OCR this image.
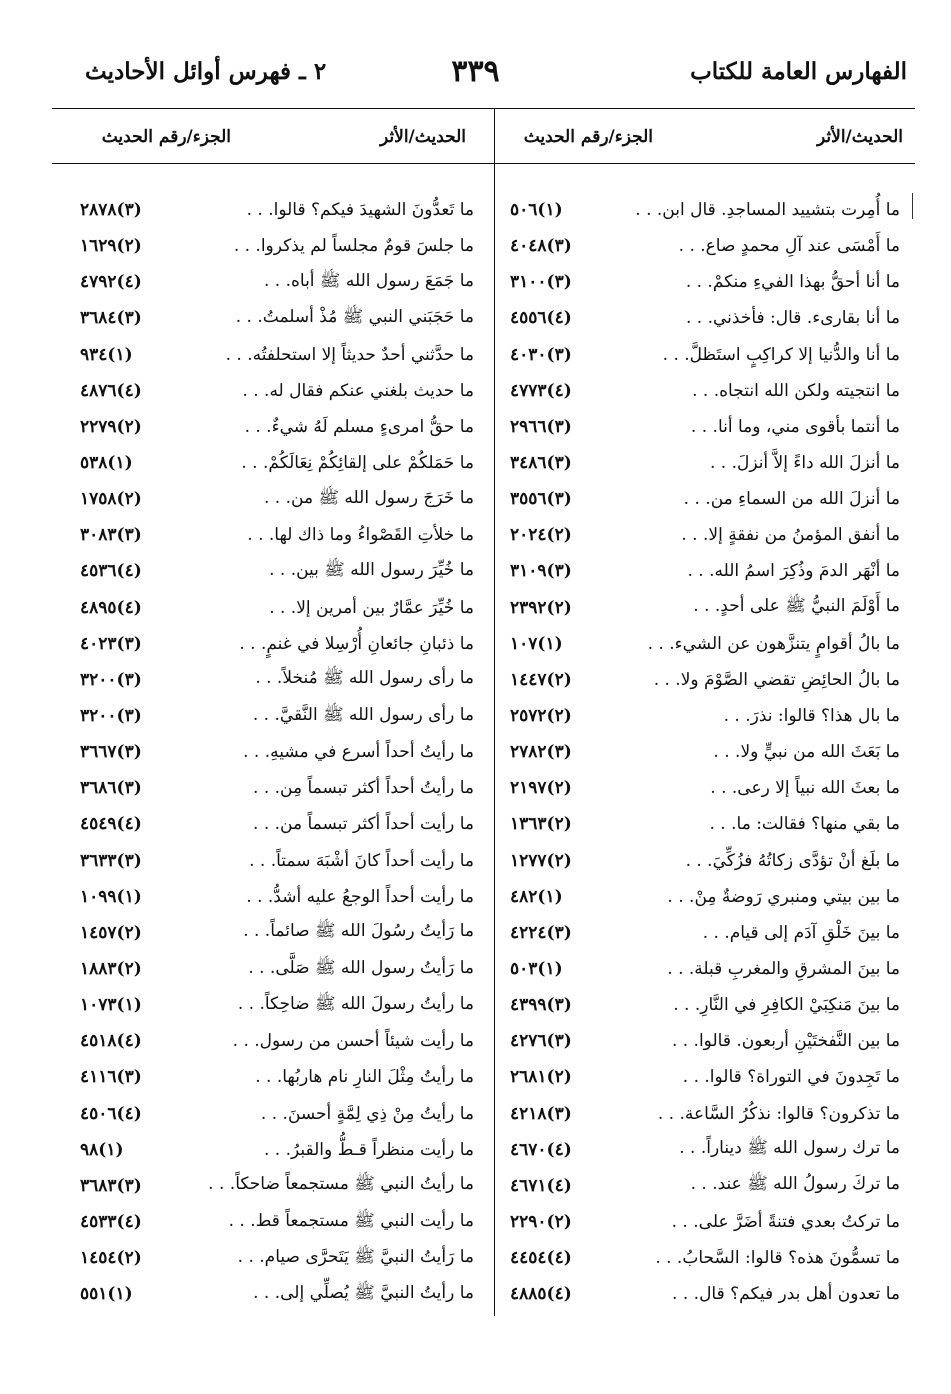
الفهارس العامة للكتاب
٣٣٩
٢ ـ فهرس أوائل الأحاديث
الحديث/الأثر
الجزء/رقم الحديث
الحديث/الأثر
الجزء/رقم الحديث
ما أُمِرت بتشييد المساجدِ. قال ابن. . .
(١)٥٠٦
ما أَمْسَى عند آلِ محمدٍ صاع. . .
(٣)٤٠٤٨
ما أنا أحقُّ بهذا الفيءِ منكمْ. . .
(٣)٣١٠٠
ما أنا بقارىء. قال: فأخذني. . .
(٤)٤٥٥٦
ما أنا والدُّنيا إلا كراكِبٍ استَظلَّ. . .
(٣)٤٠٣٠
ما انتجيته ولكن الله انتجاه. . .
(٤)٤٧٧٣
ما أنتما بأقوى مني، وما أنا. . .
(٣)٢٩٦٦
ما أنزلَ الله داءً إلاَّ أنزلَ. . .
(٣)٣٤٨٦
ما أنزلَ الله من السماءِ من. . .
(٣)٣٥٥٦
ما أنفق المؤمنُ من نفقةٍ إلا. . .
(٢)٢٠٢٤
ما أنْهَر الدمَ وذُكِرَ اسمُ الله. . .
(٣)٣١٠٩
ما أَوْلَمَ النبيُّ ﷺ على أحدٍ. . .
(٢)٢٣٩٢
ما بالُ أقوامٍ يتنزَّهون عن الشيء. . .
(١)١٠٧
ما بالُ الحائِضِ تقضي الصَّوْمَ ولا. . .
(٢)١٤٤٧
ما بال هذا؟ قالوا: نذرَ. . .
(٢)٢٥٧٢
ما بَعَثَ الله من نبيٍّ ولا. . .
(٣)٢٧٨٢
ما بعثَ الله نبياً إلا رعى. . .
(٢)٢١٩٧
ما بقي منها؟ فقالت: ما. . .
(٢)١٣٦٣
ما بلَغ أنْ تؤدَّى زكاتُهُ فزُكِّيَ. . .
(٢)١٢٧٧
ما بين بيتي ومنبري رَوضةٌ مِنْ. . .
(١)٤٨٢
ما بينَ خَلْقِ آدَم إلى قيام. . .
(٣)٤٢٢٤
ما بينَ المشرقِ والمغربِ قبلة. . .
(١)٥٠٣
ما بينَ مَنكِبَيْ الكافِرِ في النَّارِ. . .
(٣)٤٣٩٩
ما بين النَّفختَيْنِ أربعون. قالوا. . .
(٣)٤٢٧٦
ما تَجِدونَ في التوراة؟ قالوا. . .
(٢)٢٦٨١
ما تذكرون؟ قالوا: نذكُرُ السَّاعة. . .
(٣)٤٢١٨
ما ترك رسول الله ﷺ ديناراً. . .
(٤)٤٦٧٠
ما تركَ رسولُ الله ﷺ عند. . .
(٤)٤٦٧١
ما تركتُ بعدي فتنةً أضَرَّ على. . .
(٢)٢٢٩٠
ما تسمُّونَ هذه؟ قالوا: السَّحابُ. . .
(٤)٤٤٥٤
ما تعدون أهل بدر فيكم؟ قال. . .
(٤)٤٨٨٥
ما تَعدُّونَ الشهيدَ فيكم؟ قالوا. . .
(٣)٢٨٧٨
ما جلسَ قومٌ مجلساً لم يذكروا. . .
(٢)١٦٢٩
ما جَمَعَ رسول الله ﷺ أباه. . .
(٤)٤٧٩٢
ما حَجَبَني النبي ﷺ مُذْ أسلمتُ. . .
(٣)٣٦٨٤
ما حدَّثني أحدٌ حديثاً إلا استحلفتُه. . .
(١)٩٣٤
ما حديث بلغني عنكم فقال له. . .
(٤)٤٨٧٦
ما حقُّ امرىءٍ مسلم لَهُ شيءٌ. . .
(٢)٢٢٧٩
ما حَمَلكُمْ على إلقائِكُمْ نِعَالَكُمْ. . .
(١)٥٣٨
ما خَرَجَ رسول الله ﷺ من. . .
(٢)١٧٥٨
ما خلأتِ القَصْواءُ وما ذاك لها. . .
(٣)٣٠٨٣
ما خُيِّرَ رسول الله ﷺ بين. . .
(٤)٤٥٣٦
ما خُيِّرَ عمَّارٌ بين أمرين إلا. . .
(٤)٤٨٩٥
ما ذئبانِ جائعانِ أُرْسِلا في غنمٍ. . .
(٣)٤٠٢٣
ما رأى رسول الله ﷺ مُنخلاً. . .
(٣)٣٢٠٠
ما رأى رسول الله ﷺ النَّقيَّ. . .
(٣)٣٢٠٠
ما رأيتُ أحداً أسرع في مشيهِ. . .
(٣)٣٦٦٧
ما رأيتُ أحداً أكثر تبسماً مِن. . .
(٣)٣٦٨٦
ما رأيت أحداً أكثر تبسماً من. . .
(٤)٤٥٤٩
ما رأيت أحداً كانَ أشْبَهَ سمتاً. . .
(٣)٣٦٣٣
ما رأيت أحداً الوجعُ عليه أشدُّ. . .
(١)١٠٩٩
ما رَأيتُ رسُولَ الله ﷺ صائماً. . .
(٢)١٤٥٧
ما رَأيتُ رسول الله ﷺ صَلَّى. . .
(٢)١٨٨٣
ما رأيتُ رسولَ الله ﷺ ضاحِكاً. . .
(١)١٠٧٣
ما رأيت شيئاً أحسن من رسول. . .
(٤)٤٥١٨
ما رأيتُ مِثْلَ النارِ نام هاربُها. . .
(٣)٤١١٦
ما رأيتُ مِنْ ذِي لِمَّةٍ أحسنَ. . .
(٤)٤٥٠٦
ما رأيت منظراً قـطُّ والقبرُ. . .
(١)٩٨
ما رأيتُ النبي ﷺ مستجمعاً ضاحكاً. . .
(٣)٣٦٨٣
ما رأيت النبي ﷺ مستجمعاً قط. . .
(٤)٤٥٣٣
ما رَأيتُ النبيَّ ﷺ يَتَحرَّى صيام. . .
(٢)١٤٥٤
ما رأيتُ النبيَّ ﷺ يُصلِّي إلى. . .
(١)٥٥١
